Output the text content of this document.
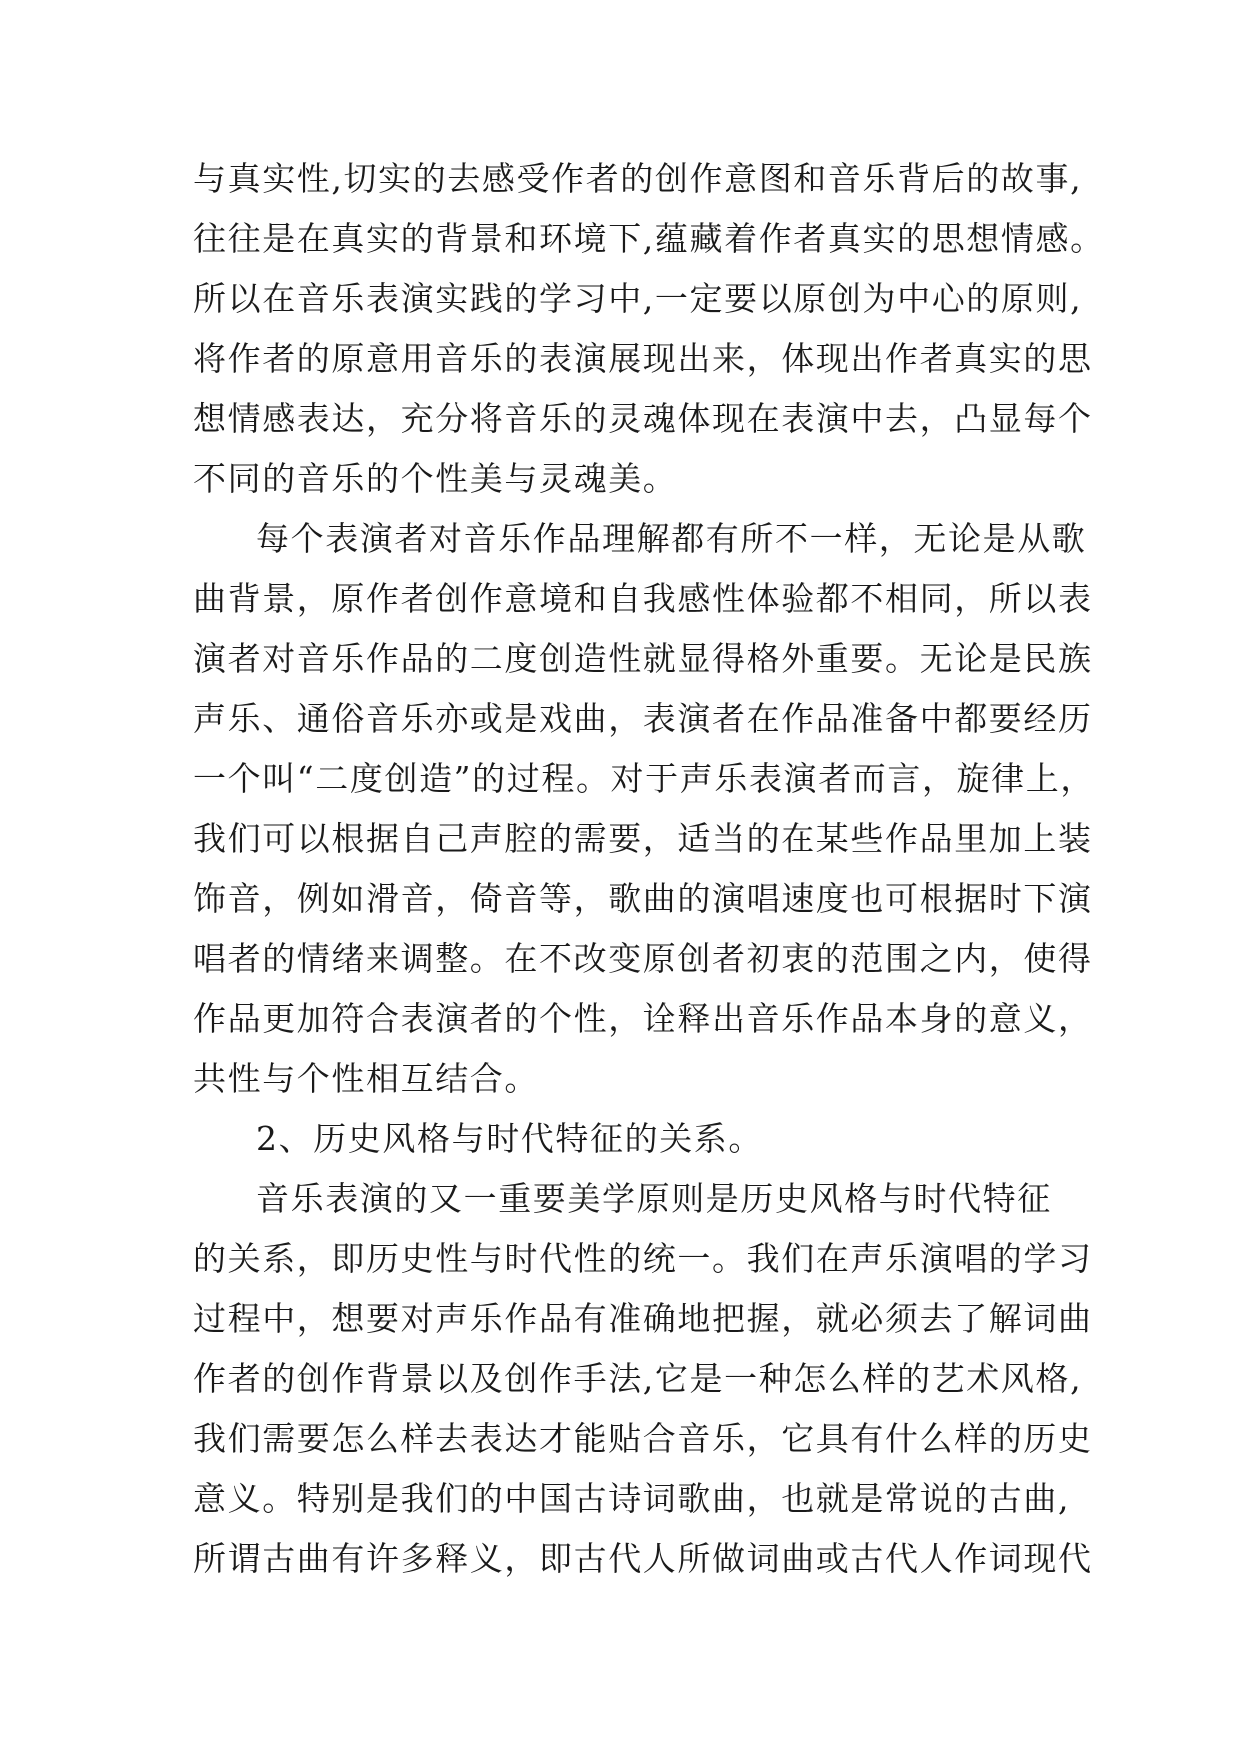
与真实性,切实的去感受作者的创作意图和音乐背后的故事,
往往是在真实的背景和环境下,蕴藏着作者真实的思想情感。
所以在音乐表演实践的学习中,一定要以原创为中心的原则,
将作者的原意用音乐的表演展现出来，体现出作者真实的思
想情感表达，充分将音乐的灵魂体现在表演中去，凸显每个
不同的音乐的个性美与灵魂美。
每个表演者对音乐作品理解都有所不一样，无论是从歌
曲背景，原作者创作意境和自我感性体验都不相同，所以表
演者对音乐作品的二度创造性就显得格外重要。无论是民族
声乐、通俗音乐亦或是戏曲，表演者在作品准备中都要经历
一个叫“二度创造”的过程。对于声乐表演者而言，旋律上，
我们可以根据自己声腔的需要，适当的在某些作品里加上装
饰音，例如滑音，倚音等，歌曲的演唱速度也可根据时下演
唱者的情绪来调整。在不改变原创者初衷的范围之内，使得
作品更加符合表演者的个性，诠释出音乐作品本身的意义，
共性与个性相互结合。
2、历史风格与时代特征的关系。
音乐表演的又一重要美学原则是历史风格与时代特征
的关系，即历史性与时代性的统一。我们在声乐演唱的学习
过程中，想要对声乐作品有准确地把握，就必须去了解词曲
作者的创作背景以及创作手法,它是一种怎么样的艺术风格,
我们需要怎么样去表达才能贴合音乐，它具有什么样的历史
意义。特别是我们的中国古诗词歌曲，也就是常说的古曲,
所谓古曲有许多释义，即古代人所做词曲或古代人作词现代
